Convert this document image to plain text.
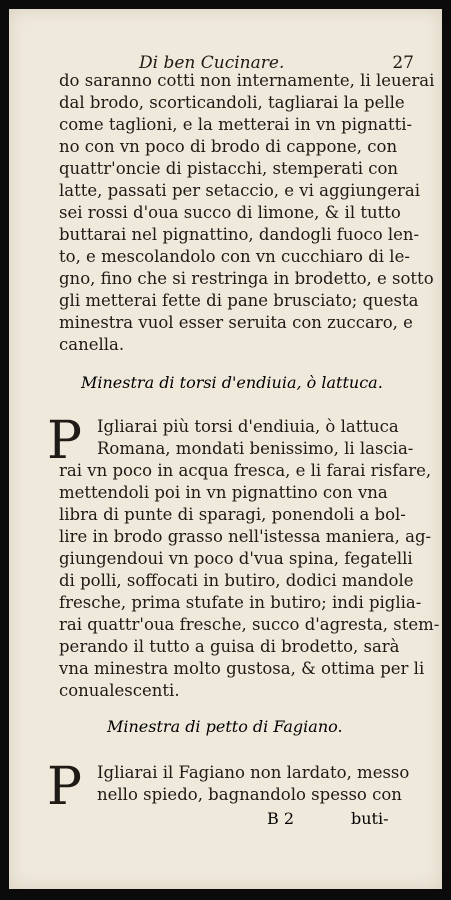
Di ben Cucinare.	27
do saranno cotti non internamente, li leuerai
dal brodo, scorticandoli, tagliarai la pelle
come taglioni, e la metterai in vn pignatti-
no con vn poco di brodo di cappone, con
quattr'oncie di pistacchi, stemperati con
latte, passati per setaccio, e vi aggiungerai
sei rossi d'oua succo di limone, & il tutto
buttarai nel pignattino, dandogli fuoco len-
to, e mescolandolo con vn cucchiaro di le-
gno, fino che si restringa in brodetto, e sotto
gli metterai fette di pane brusciato; questa
minestra vuol esser seruita con zuccaro, e
canella.
Minestra di torsi d'endiuia, ò lattuca.
P Igliarai più torsi d'endiuia, ò lattuca
Romana, mondati benissimo, li lascia-
rai vn poco in acqua fresca, e li farai risfare,
mettendoli poi in vn pignattino con vna
libra di punte di sparagi, ponendoli a bol-
lire in brodo grasso nell'istessa maniera, ag-
giungendoui vn poco d'vua spina, fegatelli
di polli, soffocati in butiro, dodici mandole
fresche, prima stufate in butiro; indi piglia-
rai quattr'oua fresche, succo d'agresta, stem-
perando il tutto a guisa di brodetto, sarà
vna minestra molto gustosa, & ottima per li
conualescenti.
Minestra di petto di Fagiano.
P Igliarai il Fagiano non lardato, messo
nello spiedo, bagnandolo spesso con
B 2	buti-
